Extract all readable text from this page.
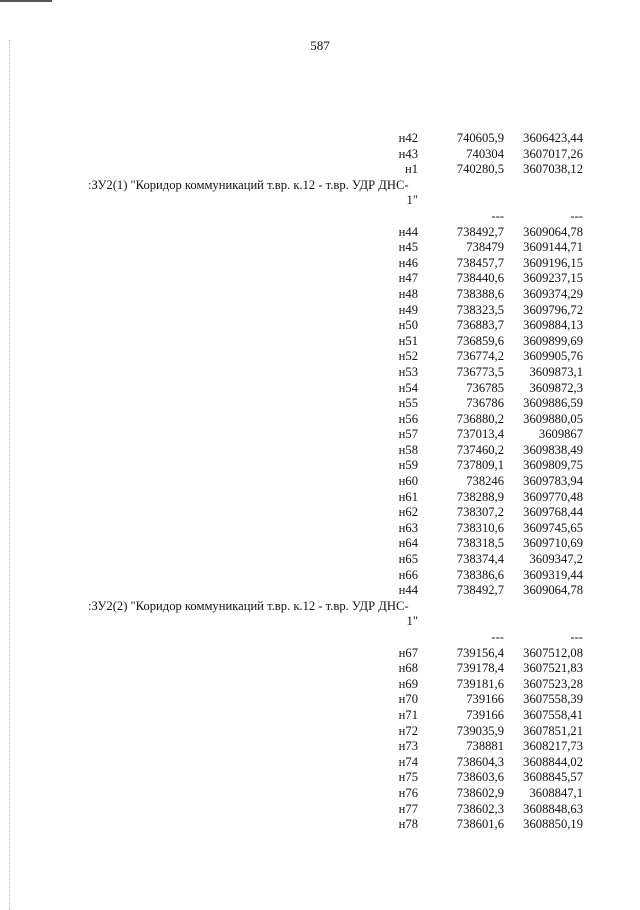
587
н42	740605,9 3606423,44
н43	740304 3607017,26
н1	740280,5 3607038,12
:ЗУ2(1) "Коридор коммуникаций т.вр. к.12 - т.вр. УДР ДНС-
1"
---	---
н44	738492,7 3609064,78
н45	738479 3609144,71
н46	738457,7 3609196,15
н47	738440,6 3609237,15
н48	738388,6 3609374,29
н49	738323,5 3609796,72
н50	736883,7 3609884,13
н51	736859,6 3609899,69
н52	736774,2 3609905,76
н53	736773,5 3609873,1
н54	736785 3609872,3
н55	736786 3609886,59
н56	736880,2 3609880,05
н57	737013,4	3609867
н58	737460,2 3609838,49
н59	737809,1 3609809,75
н60	738246 3609783,94
н61	738288,9 3609770,48
н62	738307,2 3609768,44
н63	738310,6 3609745,65
н64	738318,5 3609710,69
н65	738374,4 3609347,2
н66	738386,6 3609319,44
н44	738492,7 3609064,78
:ЗУ2(2) "Коридор коммуникаций т.вр. к.12 - т.вр. УДР ДНС-
1"
---	---
н67	739156,4 3607512,08
н68	739178,4 3607521,83
н69	739181,6 3607523,28
н70	739166 3607558,39
н71	739166 3607558,41
н72	739035,9 3607851,21
н73	738881 3608217,73
н74	738604,3 3608844,02
н75	738603,6 3608845,57
н76	738602,9 3608847,1
н77	738602,3 3608848,63
н78	738601,6 3608850,19
